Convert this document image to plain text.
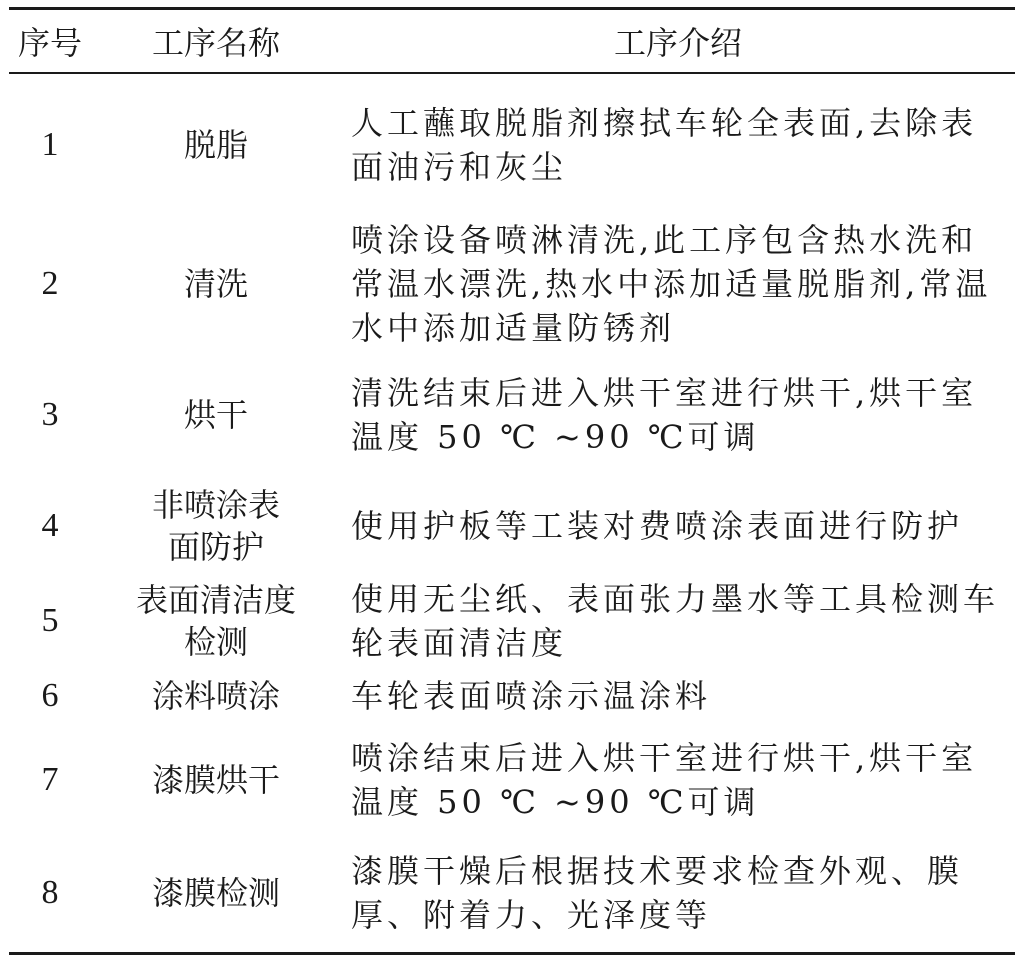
序号	工序名称	工序介绍
1	脱脂	人工蘸取脱脂剂擦拭车轮全表面,去除表面油污和灰尘
2	清洗	喷涂设备喷淋清洗,此工序包含热水洗和常温水漂洗,热水中添加适量脱脂剂,常温水中添加适量防锈剂
3	烘干	清洗结束后进入烘干室进行烘干,烘干室温度 50 ℃ ~90 ℃可调
4	非喷涂表面防护	使用护板等工装对费喷涂表面进行防护
5	表面清洁度检测	使用无尘纸、表面张力墨水等工具检测车轮表面清洁度
6	涂料喷涂	车轮表面喷涂示温涂料
7	漆膜烘干	喷涂结束后进入烘干室进行烘干,烘干室温度 50 ℃ ~90 ℃可调
8	漆膜检测	漆膜干燥后根据技术要求检查外观、膜厚、附着力、光泽度等
